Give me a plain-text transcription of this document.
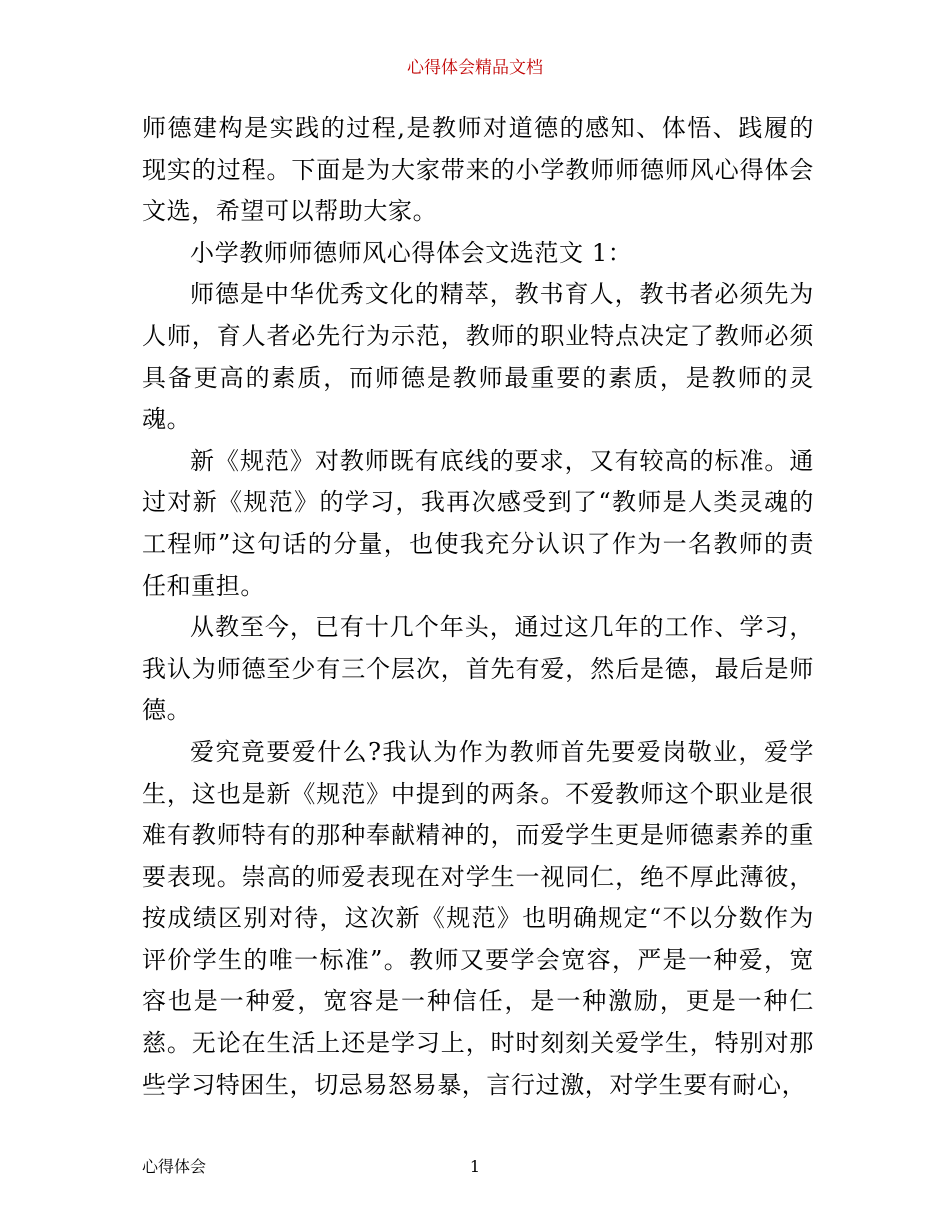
心得体会精品文档

师德建构是实践的过程,是教师对道德的感知、体悟、践履的现实的过程。下面是为大家带来的小学教师师德师风心得体会文选，希望可以帮助大家。

小学教师师德师风心得体会文选范文 1：

师德是中华优秀文化的精萃，教书育人，教书者必须先为人师，育人者必先行为示范，教师的职业特点决定了教师必须具备更高的素质，而师德是教师最重要的素质，是教师的灵魂。

新《规范》对教师既有底线的要求，又有较高的标准。通过对新《规范》的学习，我再次感受到了“教师是人类灵魂的工程师”这句话的分量，也使我充分认识了作为一名教师的责任和重担。

从教至今，已有十几个年头，通过这几年的工作、学习，我认为师德至少有三个层次，首先有爱，然后是德，最后是师德。

爱究竟要爱什么?我认为作为教师首先要爱岗敬业，爱学生，这也是新《规范》中提到的两条。不爱教师这个职业是很难有教师特有的那种奉献精神的，而爱学生更是师德素养的重要表现。崇高的师爱表现在对学生一视同仁，绝不厚此薄彼，按成绩区别对待，这次新《规范》也明确规定“不以分数作为评价学生的唯一标准”。教师又要学会宽容，严是一种爱，宽容也是一种爱，宽容是一种信任，是一种激励，更是一种仁慈。无论在生活上还是学习上，时时刻刻关爱学生，特别对那些学习特困生，切忌易怒易暴，言行过激，对学生要有耐心，

心得体会	1
